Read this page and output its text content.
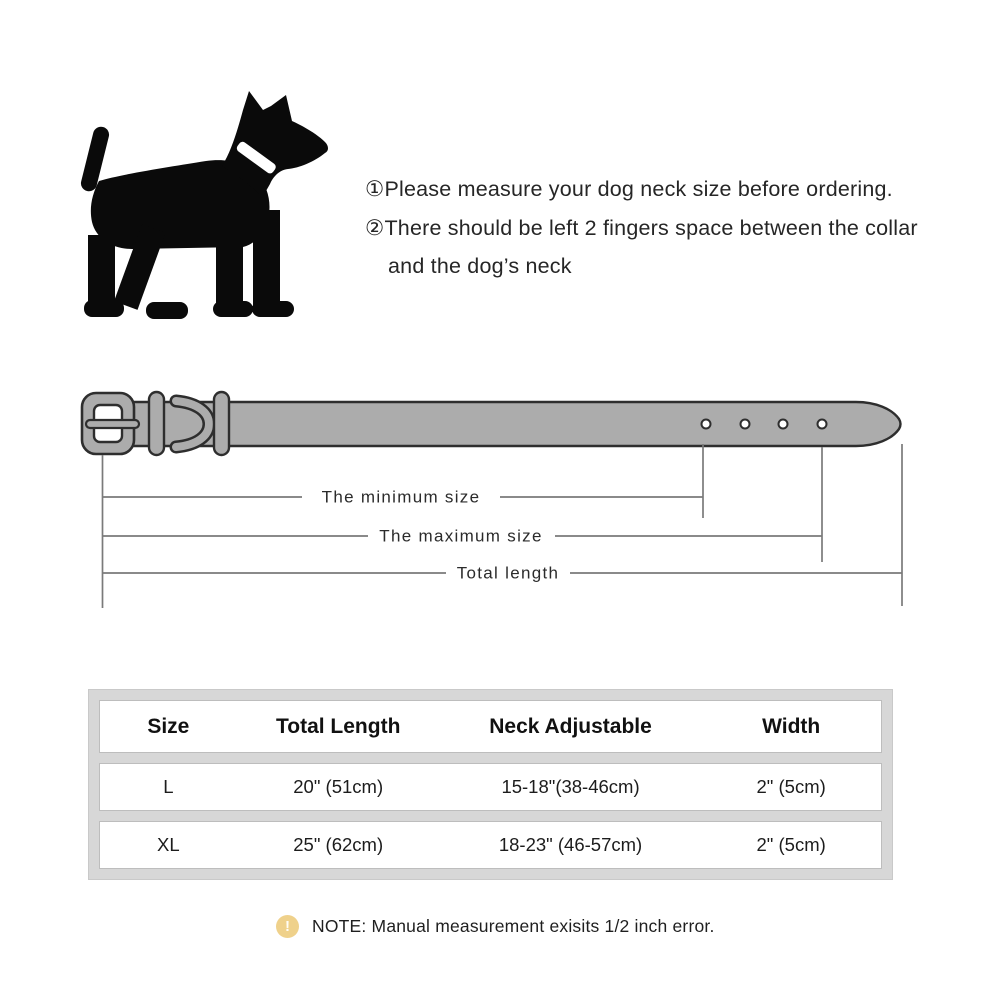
①Please measure your dog neck size before ordering.
②There should be left 2 fingers space between the collar
and the dog’s neck
The minimum size
The maximum size
Total length
Size	Total Length	Neck Adjustable	Width
L	20" (51cm)	15-18"(38-46cm)	2" (5cm)
XL	25" (62cm)	18-23" (46-57cm)	2" (5cm)
!	NOTE: Manual measurement exisits 1/2 inch error.
